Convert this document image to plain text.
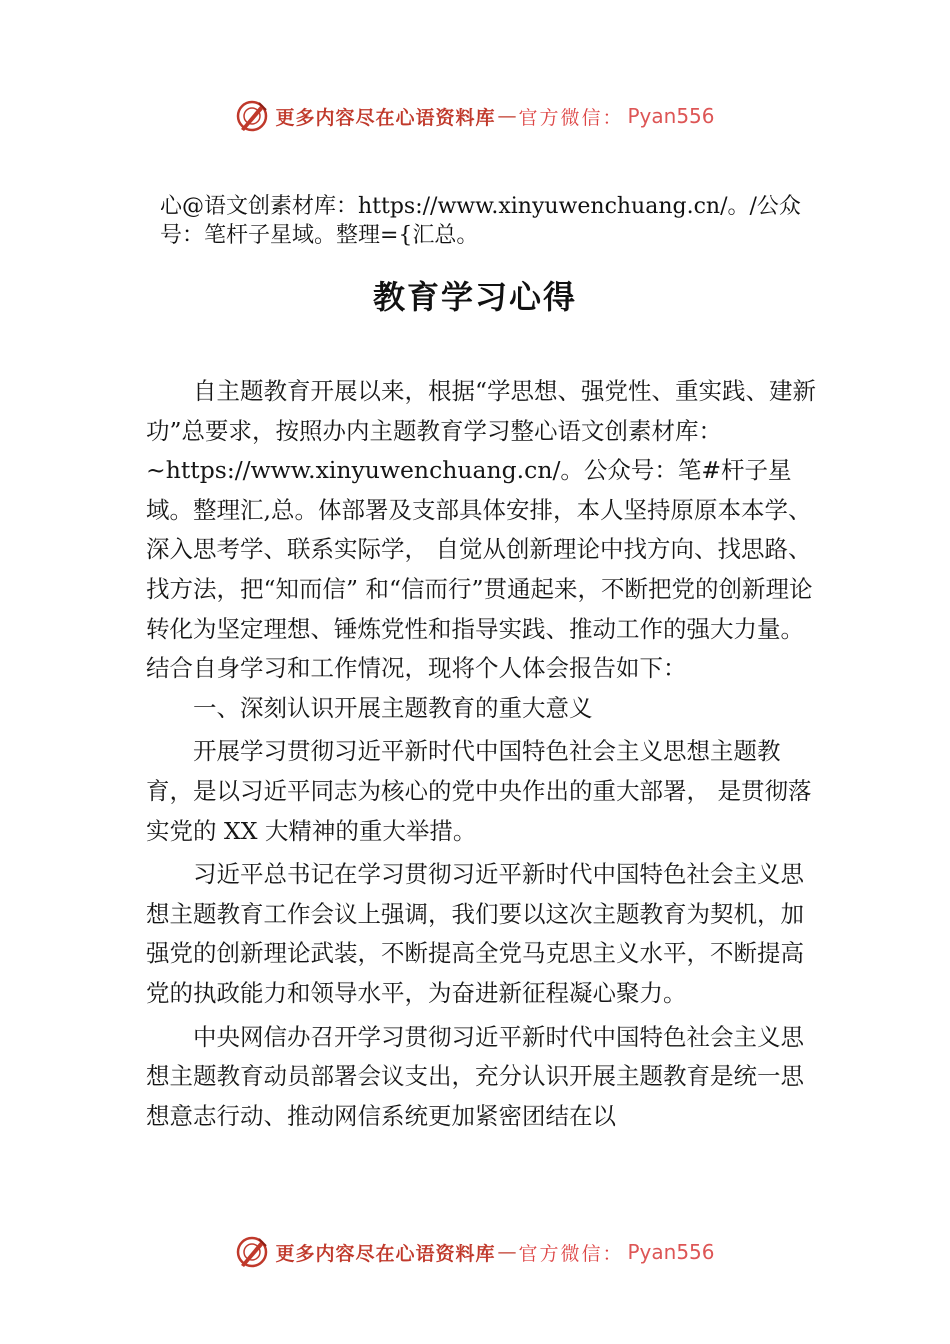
更多内容尽在心语资料库 — 官方微信： Pyan556
心@语文创素材库：https://www.xinyuwenchuang.cn/。/公众号：笔杆子星域。整理={汇总。
教育学习心得

自主题教育开展以来，根据“学思想、强党性、重实践、建新功”总要求，按照办内主题教育学习整心语文创素材库：~https://www.xinyuwenchuang.cn/。公众号：笔#杆子星域。整理汇,总。体部署及支部具体安排，本人坚持原原本本学、深入思考学、联系实际学， 自觉从创新理论中找方向、找思路、找方法，把“知而信” 和“信而行”贯通起来，不断把党的创新理论转化为坚定理想、锤炼党性和指导实践、推动工作的强大力量。结合自身学习和工作情况，现将个人体会报告如下：

一、深刻认识开展主题教育的重大意义

开展学习贯彻习近平新时代中国特色社会主义思想主题教育，是以习近平同志为核心的党中央作出的重大部署， 是贯彻落实党的 XX 大精神的重大举措。

习近平总书记在学习贯彻习近平新时代中国特色社会主义思想主题教育工作会议上强调，我们要以这次主题教育为契机，加强党的创新理论武装，不断提高全党马克思主义水平，不断提高党的执政能力和领导水平，为奋进新征程凝心聚力。

中央网信办召开学习贯彻习近平新时代中国特色社会主义思想主题教育动员部署会议支出，充分认识开展主题教育是统一思想意志行动、推动网信系统更加紧密团结在以

更多内容尽在心语资料库 — 官方微信： Pyan556
